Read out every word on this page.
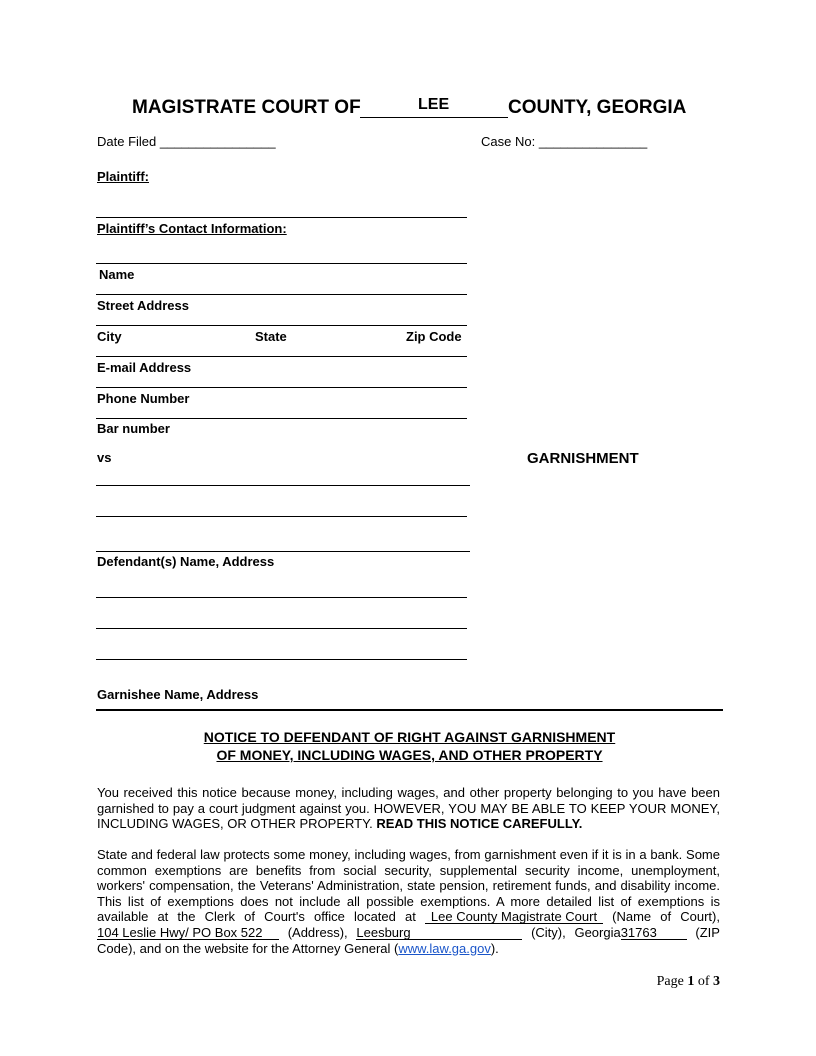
MAGISTRATE COURT OF	LEE	COUNTY, GEORGIA
Date Filed ________________	Case No: _______________
Plaintiff:
Plaintiff’s Contact Information:
Name
Street Address
City	State	Zip Code
E-mail Address
Phone Number
Bar number
vs	GARNISHMENT
Defendant(s) Name, Address
Garnishee Name, Address
NOTICE TO DEFENDANT OF RIGHT AGAINST GARNISHMENT
OF MONEY, INCLUDING WAGES, AND OTHER PROPERTY
You received this notice because money, including wages, and other property belonging to you have been garnished to pay a court judgment against you. HOWEVER, YOU MAY BE ABLE TO KEEP YOUR MONEY, INCLUDING WAGES, OR OTHER PROPERTY. READ THIS NOTICE CAREFULLY.
State and federal law protects some money, including wages, from garnishment even if it is in a bank. Some common exemptions are benefits from social security, supplemental security income, unemployment, workers' compensation, the Veterans' Administration, state pension, retirement funds, and disability income. This list of exemptions does not include all possible exemptions. A more detailed list of exemptions is available at the Clerk of Court's office located at Lee County Magistrate Court (Name of Court), 104 Leslie Hwy/ PO Box 522 (Address), Leesburg	(City), Georgia31763	(ZIP Code), and on the website for the Attorney General (www.law.ga.gov).
Page 1 of 3
